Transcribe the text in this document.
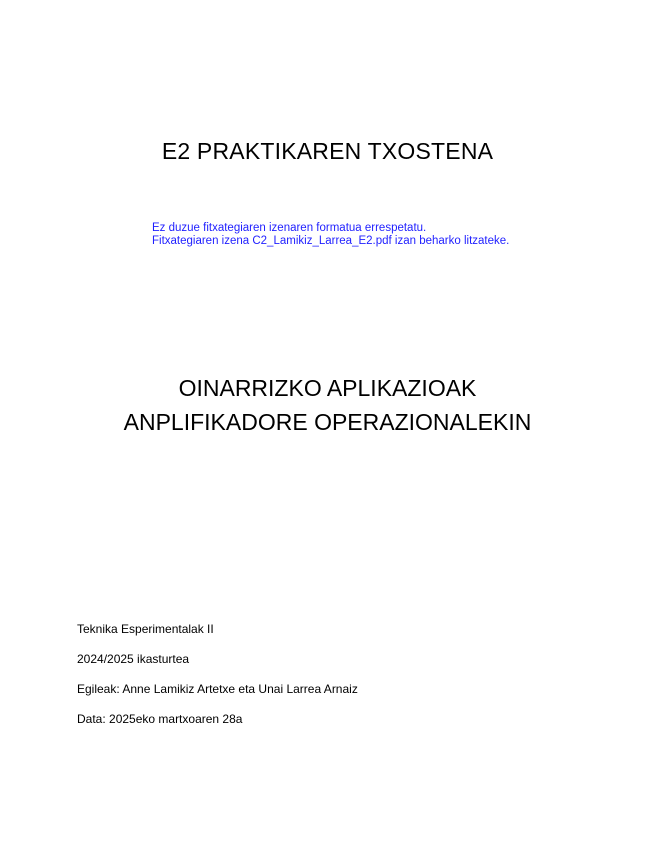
E2 PRAKTIKAREN TXOSTENA
Ez duzue fitxategiaren izenaren formatua errespetatu.
Fitxategiaren izena C2_Lamikiz_Larrea_E2.pdf izan beharko litzateke.
OINARRIZKO APLIKAZIOAK
ANPLIFIKADORE OPERAZIONALEKIN
Teknika Esperimentalak II
2024/2025 ikasturtea
Egileak: Anne Lamikiz Artetxe eta Unai Larrea Arnaiz
Data: 2025eko martxoaren 28a
